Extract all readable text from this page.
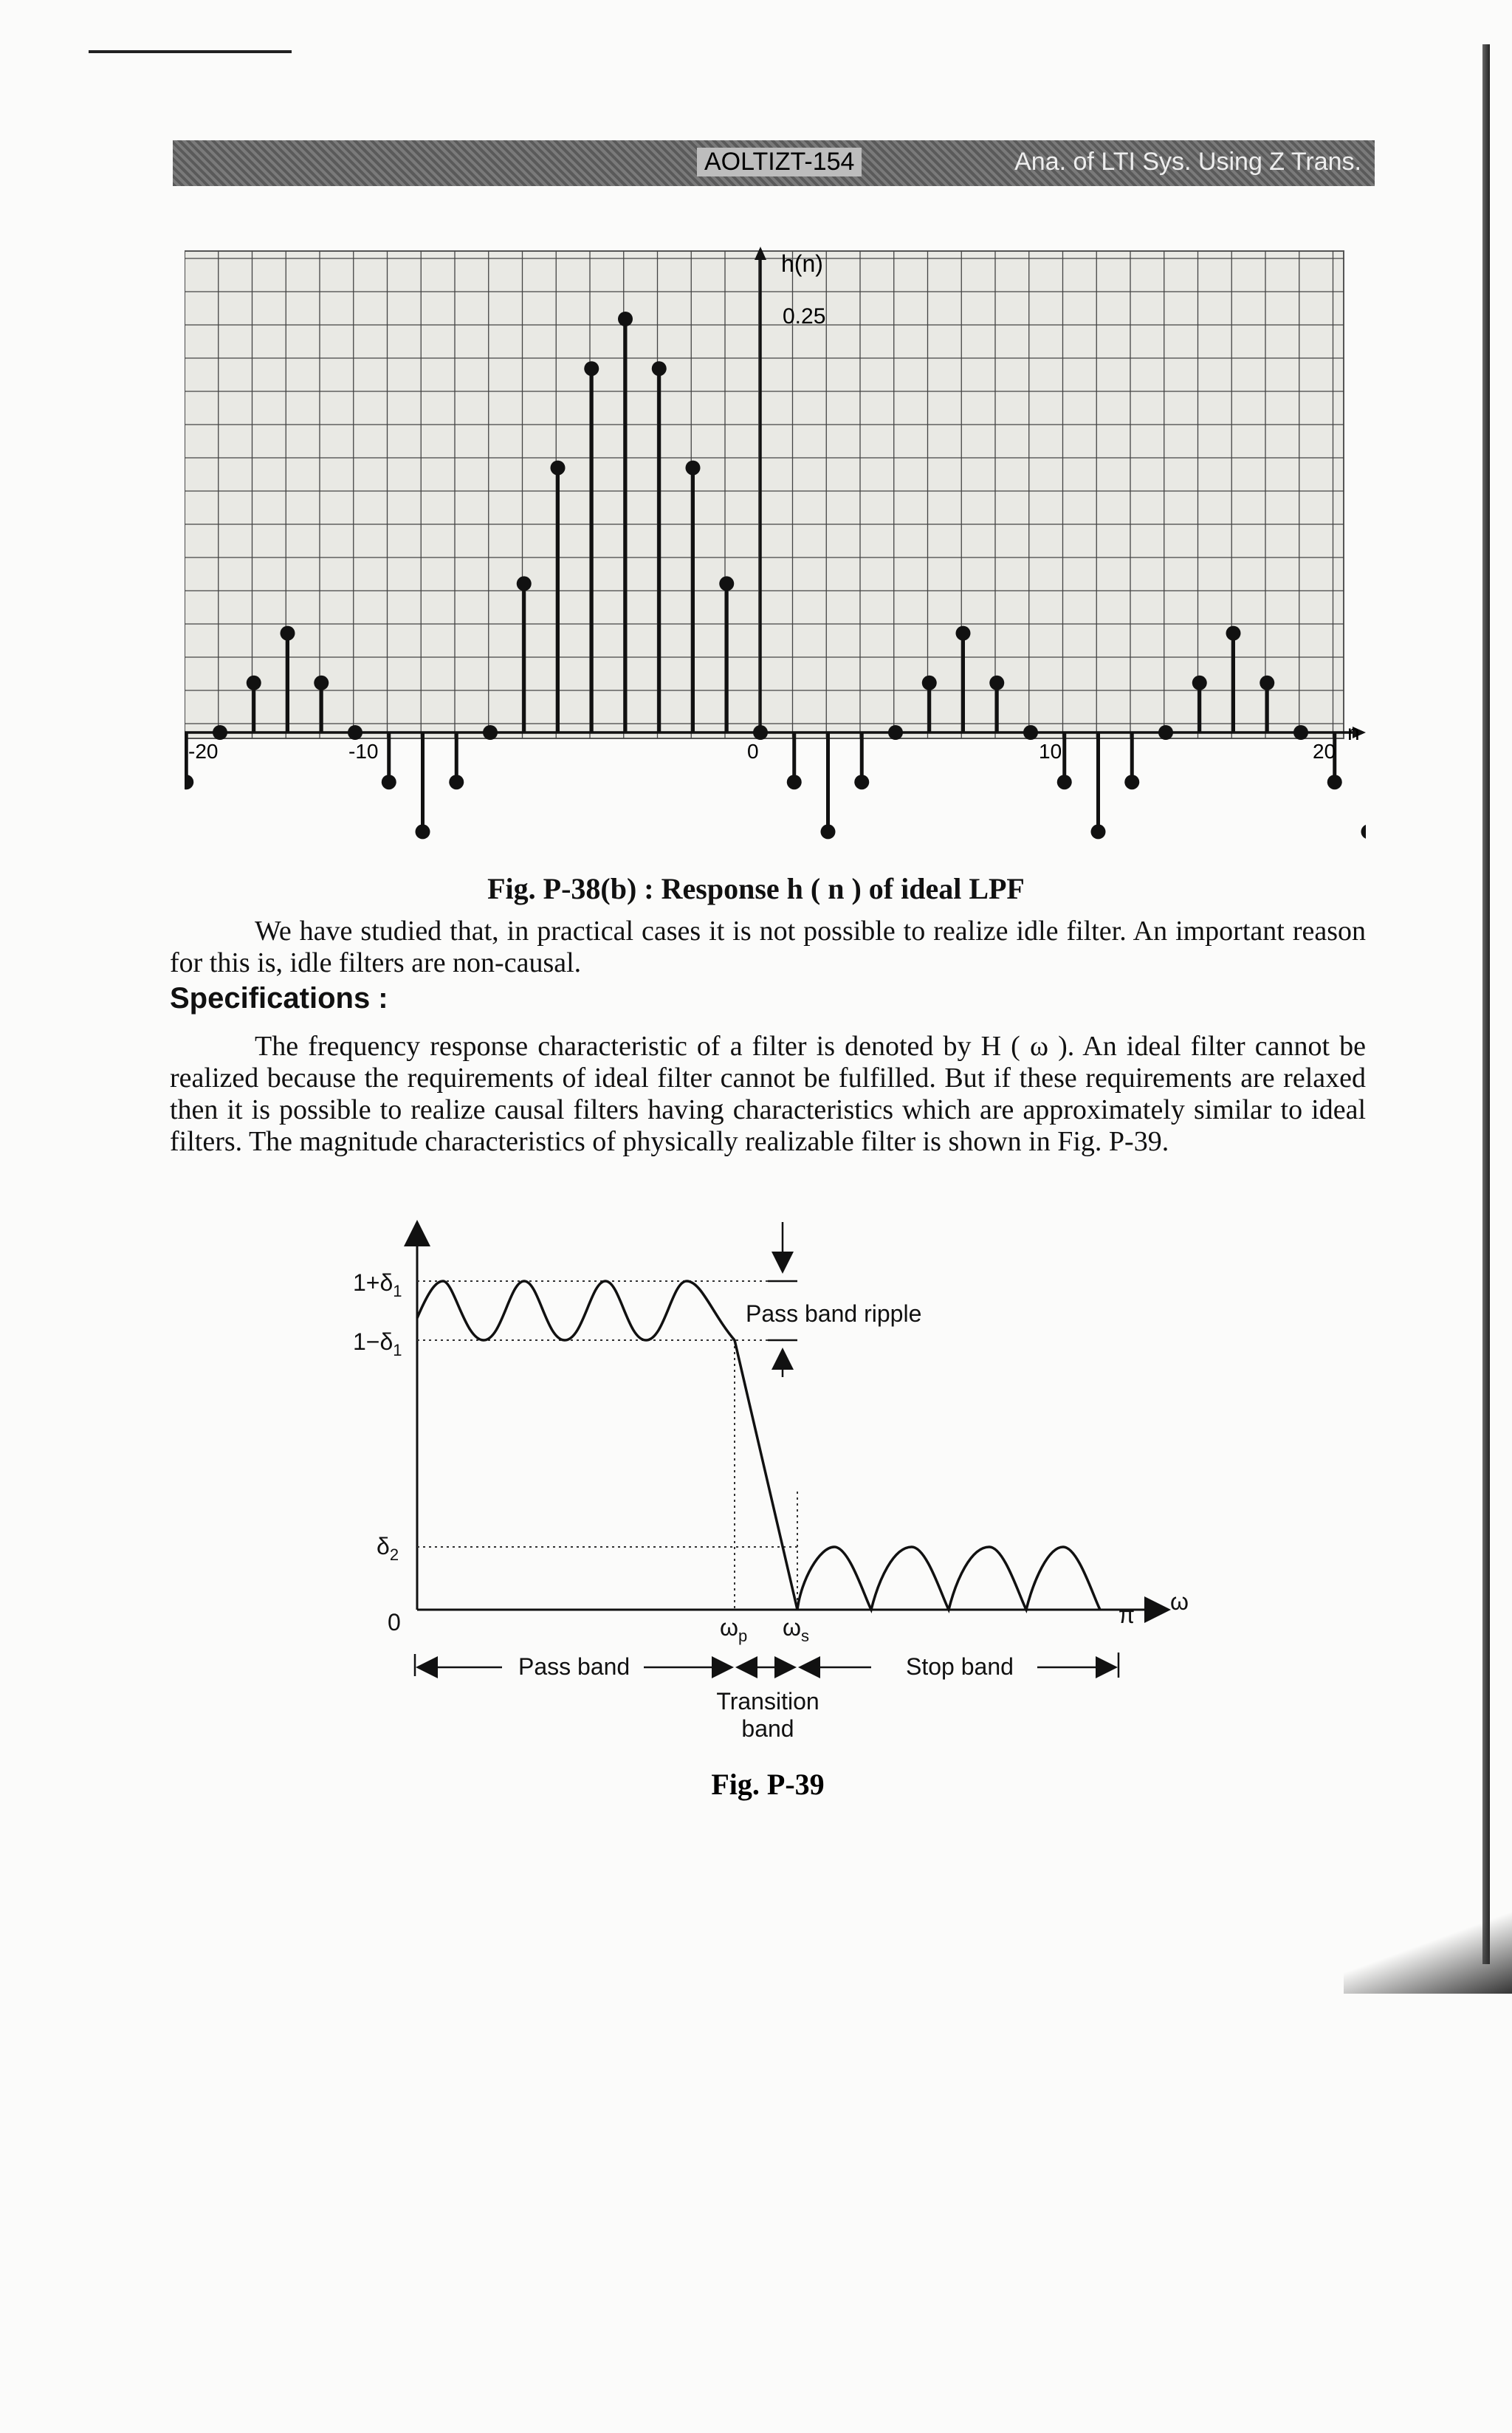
AOLTIZT-154	Ana. of LTI Sys. Using Z Trans.
h(n)
0.25
n
-20	-10	0	10	20
Fig. P-38(b) : Response h ( n ) of ideal LPF
We have studied that, in practical cases it is not possible to realize idle filter. An important reason for this is, idle filters are non-causal.
Specifications :
The frequency response characteristic of a filter is denoted by H ( ω ). An ideal filter cannot be realized because the requirements of ideal filter cannot be fulfilled. But if these requirements are relaxed then it is possible to realize causal filters having characteristics which are approximately similar to ideal filters. The magnitude characteristics of physically realizable filter is shown in Fig. P-39.
$1+\delta_1$
$1-\delta_1$
$\delta_2$
0
ω
$\omega_p$ $\omega_s$
π
Pass band ripple
Pass band	Stop band
Transition
band
Fig. P-39
